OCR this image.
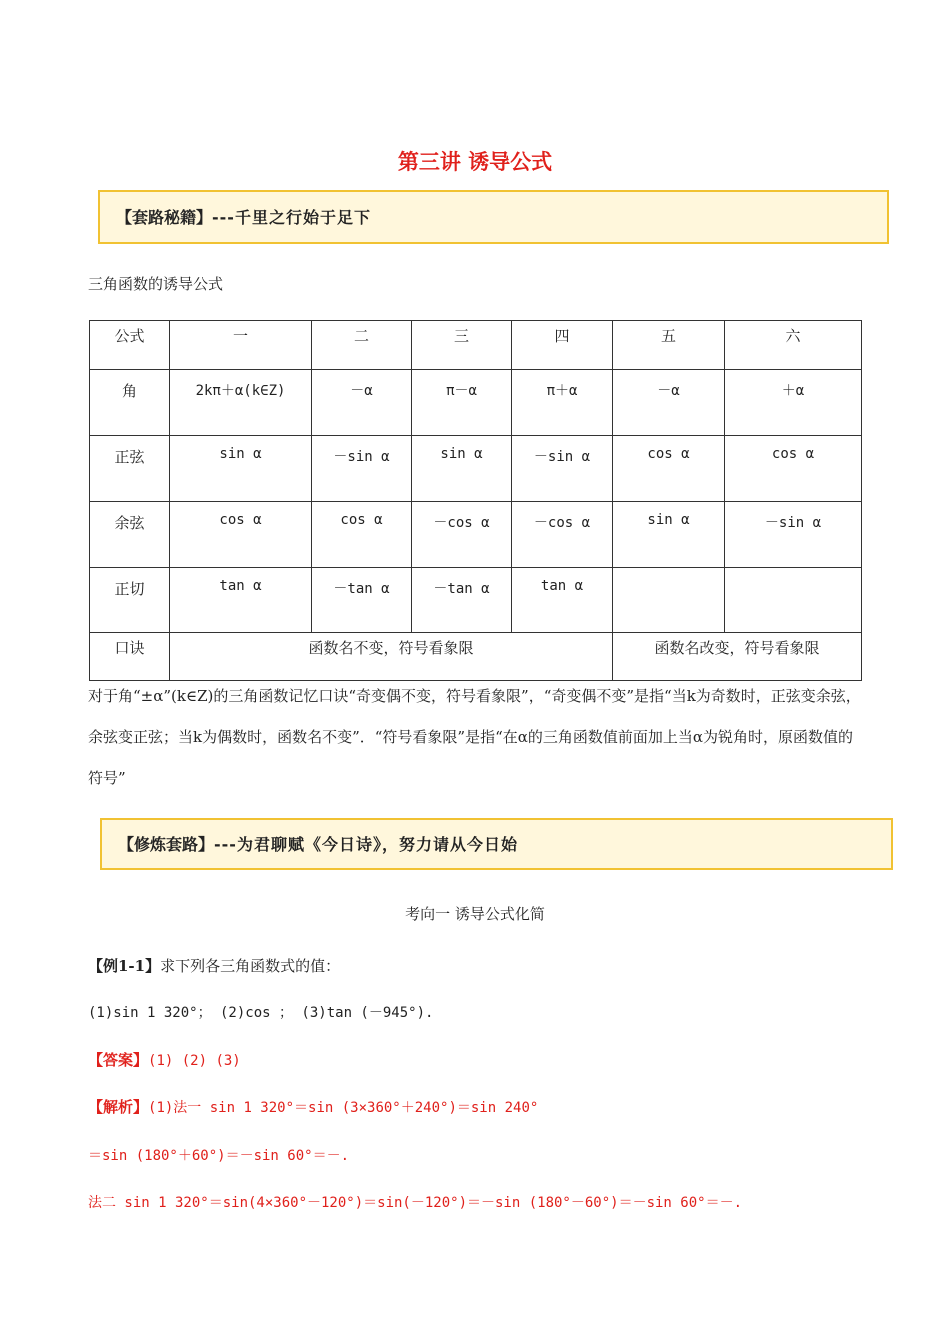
第三讲 诱导公式
【套路秘籍】---千里之行始于足下
三角函数的诱导公式
公式	一	二	三	四	五	六

角	2kπ＋α(k∈Z)	－α	π－α	π＋α	－α	＋α

正弦	sin α	－sin α	sin α	－sin α	cos α	cos α

余弦	cos α	cos α	－cos α	－cos α	sin α	－sin α

正切	tan α	－tan α	－tan α	tan α		

口诀	函数名不变，符号看象限				函数名改变，符号看象限	
对于角“±α”(k∈Z)的三角函数记忆口诀“奇变偶不变，符号看象限”，“奇变偶不变”是指“当k为奇数时，正弦变余弦，余弦变正弦；当k为偶数时，函数名不变”．“符号看象限”是指“在α的三角函数值前面加上当α为锐角时，原函数值的符号”
【修炼套路】---为君聊赋《今日诗》，努力请从今日始
考向一 诱导公式化简
【例1-1】求下列各三角函数式的值：
(1)sin 1 320°； (2)cos ； (3)tan (－945°).
【答案】(1) (2) (3)
【解析】(1)法一 sin 1 320°＝sin (3×360°＋240°)＝sin 240°
＝sin (180°＋60°)＝－sin 60°＝－.
法二 sin 1 320°＝sin(4×360°－120°)＝sin(－120°)＝－sin (180°－60°)＝－sin 60°＝－.
